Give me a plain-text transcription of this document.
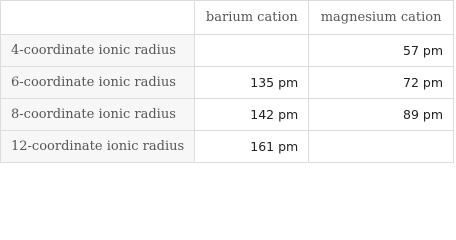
	barium cation	magnesium cation
4-coordinate ionic radius		57 pm
6-coordinate ionic radius	135 pm	72 pm
8-coordinate ionic radius	142 pm	89 pm
12-coordinate ionic radius	161 pm	
